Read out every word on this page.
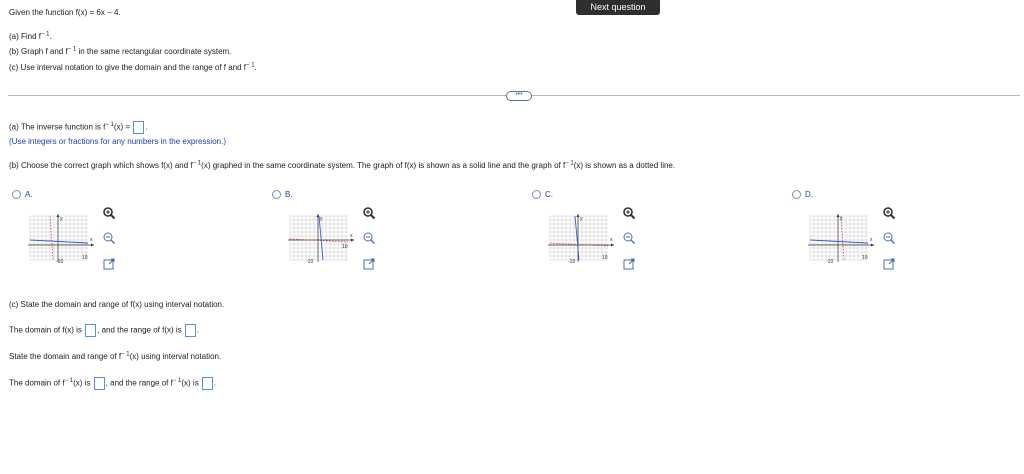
Next question
Given the function f(x) = 6x − 4.
(a) Find $f^{- 1}$.
(b) Graph f and $f^{- 1}$ in the same rectangular coordinate system.
(c) Use interval notation to give the domain and the range of f and $f^{- 1}$.
•••
(a) The inverse function is $f^{- 1}(x)$ = .
(Use integers or fractions for any numbers in the expression.)
(b) Choose the correct graph which shows f(x) and $f^{- 1}(x)$ graphed in the same coordinate system. The graph of f(x) is shown as a solid line and the graph of $f^{- 1}(x)$ is shown as a dotted line.
A.
y
x
10
-10
B.
y
x
10
-10
C.
y
x
10
-10
D.
y
x
10
-10
(c) State the domain and range of f(x) using interval notation.
The domain of f(x) is , and the range of f(x) is .
State the domain and range of $f^{- 1}(x)$ using interval notation.
The domain of $f^{- 1}(x)$ is , and the range of $f^{- 1}(x)$ is .
